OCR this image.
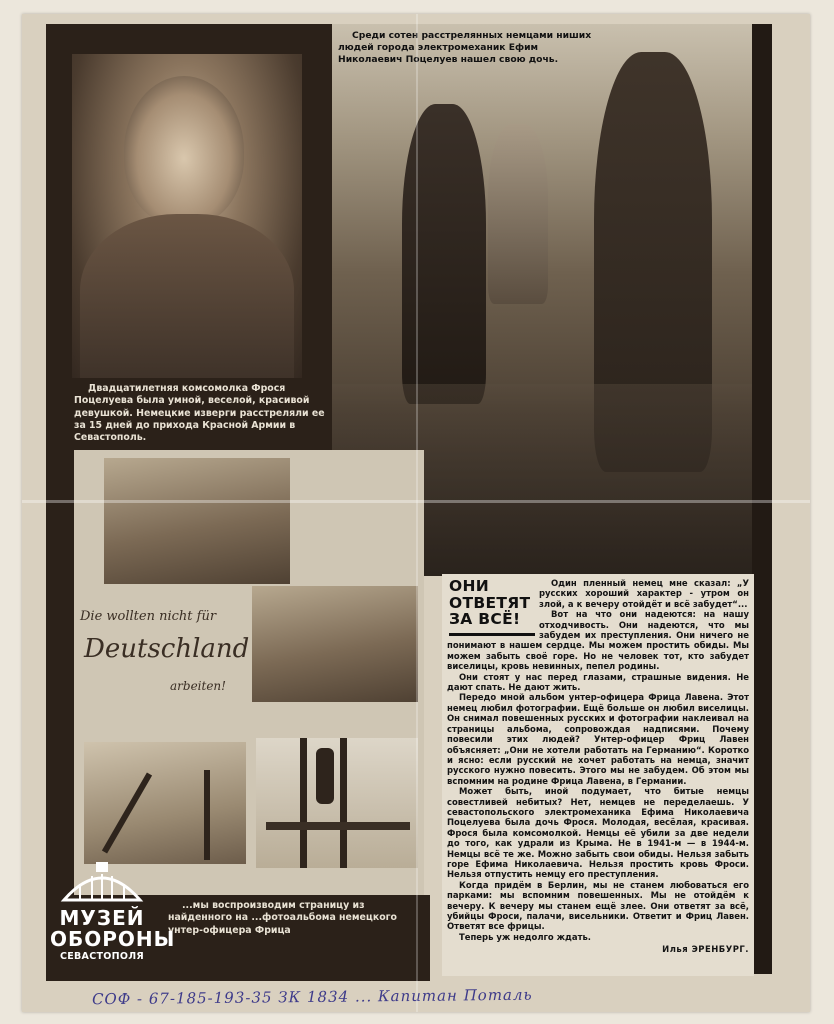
Двадцатилетняя комсомолка Фрося Поцелуева была умной, веселой, красивой девушкой. Немецкие изверги расстреляли ее за 15 дней до прихода Красной Армии в Севастополь.
Среди сотен расстрелянных немцами ниших людей города электромеханик Ефим Николаевич Поцелуев нашел свою дочь.
Die wollten nicht für
Deutschland
arbeiten!
...мы воспроизводим страницу из найденного на ...фотоальбома немецкого унтер-офицера Фрица
ОНИ
ОТВЕТЯТ
ЗА ВСЁ!

Один пленный немец мне сказал: „У русских хороший характер - утром он злой, а к вечеру отойдёт и всё забудет“...

Вот на что они надеются: на нашу отходчивость. Они надеются, что мы забудем их преступления. Они ничего не понимают в нашем сердце. Мы можем простить обиды. Мы можем забыть своё горе. Но не человек тот, кто забудет виселицы, кровь невинных, пепел родины.

Они стоят у нас перед глазами, страшные видения. Не дают спать. Не дают жить.

Передо мной альбом унтер-офицера Фрица Лавена. Этот немец любил фотографии. Ещё больше он любил виселицы. Он снимал повешенных русских и фотографии наклеивал на страницы альбома, сопровождая надписями. Почему повесили этих людей? Унтер-офицер Фриц Лавен объясняет: „Они не хотели работать на Германию“. Коротко и ясно: если русский не хочет работать на немца, значит русского нужно повесить. Этого мы не забудем. Об этом мы вспомним на родине Фрица Лавена, в Германии.

Может быть, иной подумает, что битые немцы совестливей небитых? Нет, немцев не переделаешь. У севастопольского электромеханика Ефима Николаевича Поцелуева была дочь Фрося. Молодая, весёлая, красивая. Фрося была комсомолкой. Немцы её убили за две недели до того, как удрали из Крыма. Не в 1941-м — в 1944-м. Немцы всё те же. Можно забыть свои обиды. Нельзя забыть горе Ефима Николаевича. Нельзя простить кровь Фроси. Нельзя отпустить немцу его преступления.

Когда придём в Берлин, мы не станем любоваться его парками: мы вспомним повешенных. Мы не отойдём к вечеру. К вечеру мы станем ещё злее. Они ответят за всё, убийцы Фроси, палачи, висельники. Ответит и Фриц Лавен. Ответят все фрицы.

Теперь уж недолго ждать.

Илья ЭРЕНБУРГ.

МУЗЕЙ
ОБОРОНЫ
СЕВАСТОПОЛЯ
СОФ - 67-185-193-35 ЗК 1834 ... Капитан Поталь
